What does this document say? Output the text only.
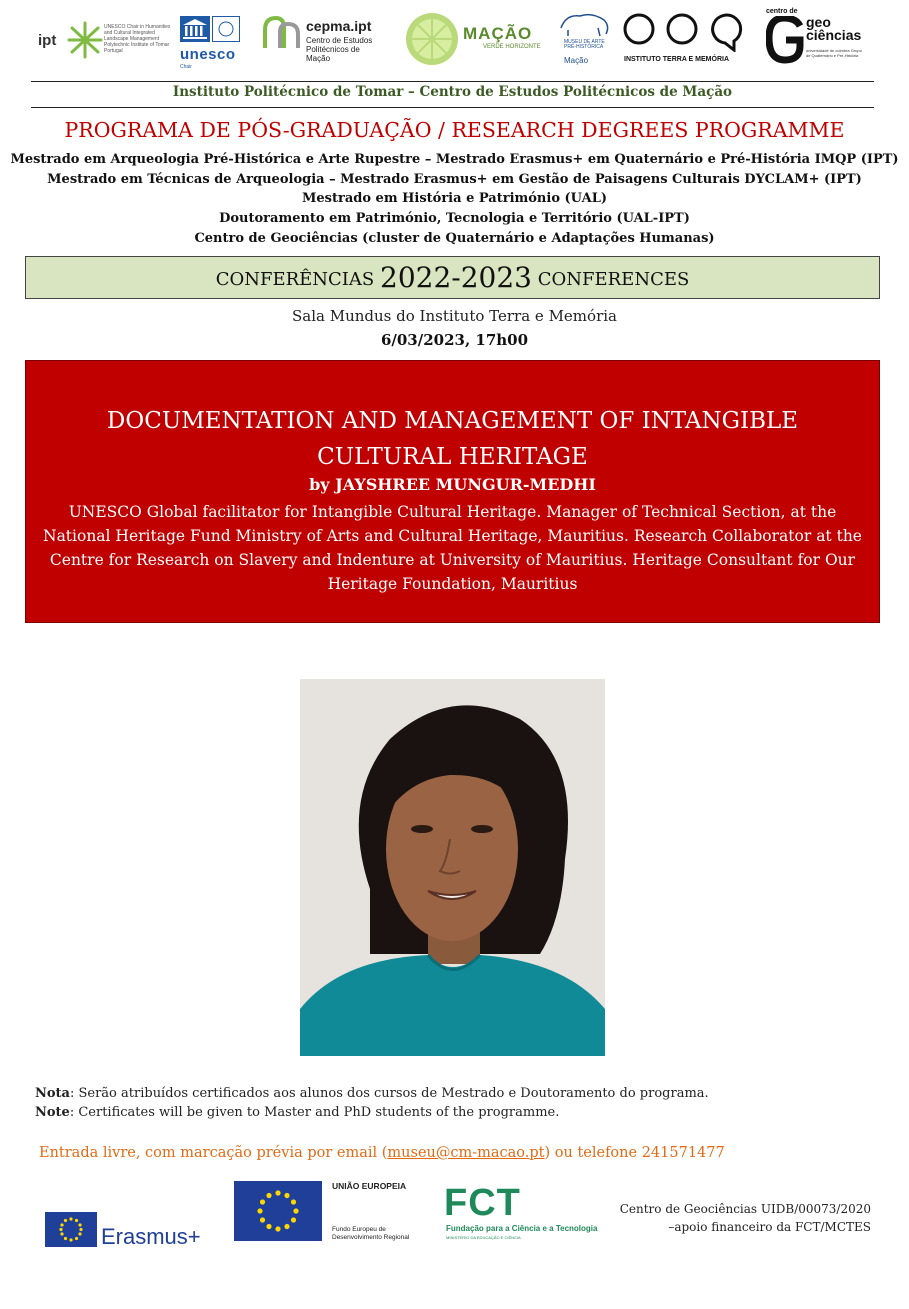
ipt
UNESCO Chair in Humanities and Cultural Integrated Landscape Management Polytechnic Institute of Tomar Portugal	unesco
Chair
cepma.ipt
Centro de Estudos Politécnicos de Mação
MAÇÃO
VERDE HORIZONTE
MUSEU DE ARTE PRÉ-HISTÓRICA
Mação	INSTITUTO TERRA E MEMÓRIA
centro de
geo ciências
universidade de coimbra Grupo de Quaternário e Pré-História
Instituto Politécnico de Tomar – Centro de Estudos Politécnicos de Mação
PROGRAMA DE PÓS-GRADUAÇÃO / RESEARCH DEGREES PROGRAMME
Mestrado em Arqueologia Pré-Histórica e Arte Rupestre – Mestrado Erasmus+ em Quaternário e Pré-História IMQP (IPT)
Mestrado em Técnicas de Arqueologia – Mestrado Erasmus+ em Gestão de Paisagens Culturais DYCLAM+ (IPT)
Mestrado em História e Património (UAL)
Doutoramento em Património, Tecnologia e Território (UAL-IPT)
Centro de Geociências (cluster de Quaternário e Adaptações Humanas)
CONFERÊNCIAS 2022-2023 CONFERENCES
Sala Mundus do Instituto Terra e Memória
6/03/2023, 17h00
DOCUMENTATION AND MANAGEMENT OF INTANGIBLE CULTURAL HERITAGE
by JAYSHREE MUNGUR-MEDHI
UNESCO Global facilitator for Intangible Cultural Heritage. Manager of Technical Section, at the National Heritage Fund Ministry of Arts and Cultural Heritage, Mauritius. Research Collaborator at the Centre for Research on Slavery and Indenture at University of Mauritius. Heritage Consultant for Our Heritage Foundation, Mauritius
Nota: Serão atribuídos certificados aos alunos dos cursos de Mestrado e Doutoramento do programa.
Note: Certificates will be given to Master and PhD students of the programme.
Entrada livre, com marcação prévia por email (museu@cm-macao.pt) ou telefone 241571477
Erasmus+
UNIÃO EUROPEIA
Fundo Europeu de Desenvolvimento Regional
FCT
Fundação para a Ciência e a Tecnologia
MINISTÉRIO DA EDUCAÇÃO E CIÊNCIA
Centro de Geociências UIDB/00073/2020
–apoio financeiro da FCT/MCTES
